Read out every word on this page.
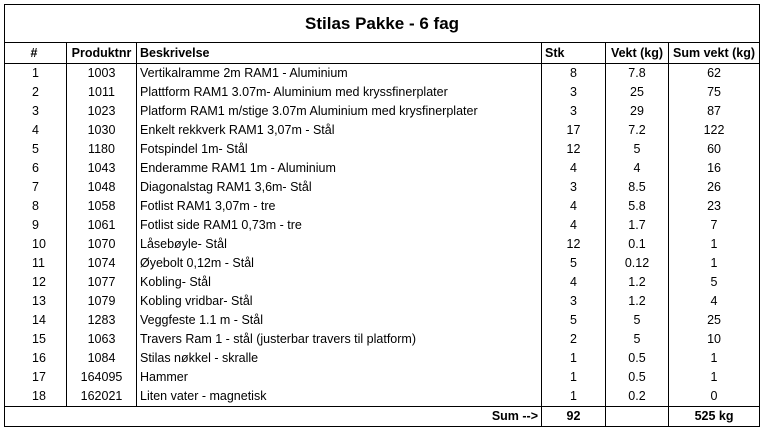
Stilas Pakke - 6 fag					
#	Produktnr	Beskrivelse	Stk	Vekt (kg)	Sum vekt (kg)
1	1003	Vertikalramme 2m RAM1 - Aluminium	8	7.8	62
2	1011	Plattform RAM1 3.07m- Aluminium med kryssfinerplater	3	25	75
3	1023	Platform RAM1 m/stige 3.07m Aluminium med krysfinerplater	3	29	87
4	1030	Enkelt rekkverk RAM1 3,07m - Stål	17	7.2	122
5	1180	Fotspindel 1m- Stål	12	5	60
6	1043	Enderamme RAM1 1m - Aluminium	4	4	16
7	1048	Diagonalstag RAM1 3,6m- Stål	3	8.5	26
8	1058	Fotlist RAM1 3,07m - tre	4	5.8	23
9	1061	Fotlist side RAM1 0,73m - tre	4	1.7	7
10	1070	Låsebøyle- Stål	12	0.1	1
11	1074	Øyebolt 0,12m - Stål	5	0.12	1
12	1077	Kobling- Stål	4	1.2	5
13	1079	Kobling vridbar- Stål	3	1.2	4
14	1283	Veggfeste 1.1 m - Stål	5	5	25
15	1063	Travers Ram 1 - stål (justerbar travers til platform)	2	5	10
16	1084	Stilas nøkkel - skralle	1	0.5	1
17	164095	Hammer	1	0.5	1
18	162021	Liten vater - magnetisk	1	0.2	0
		Sum -->	92		525 kg
